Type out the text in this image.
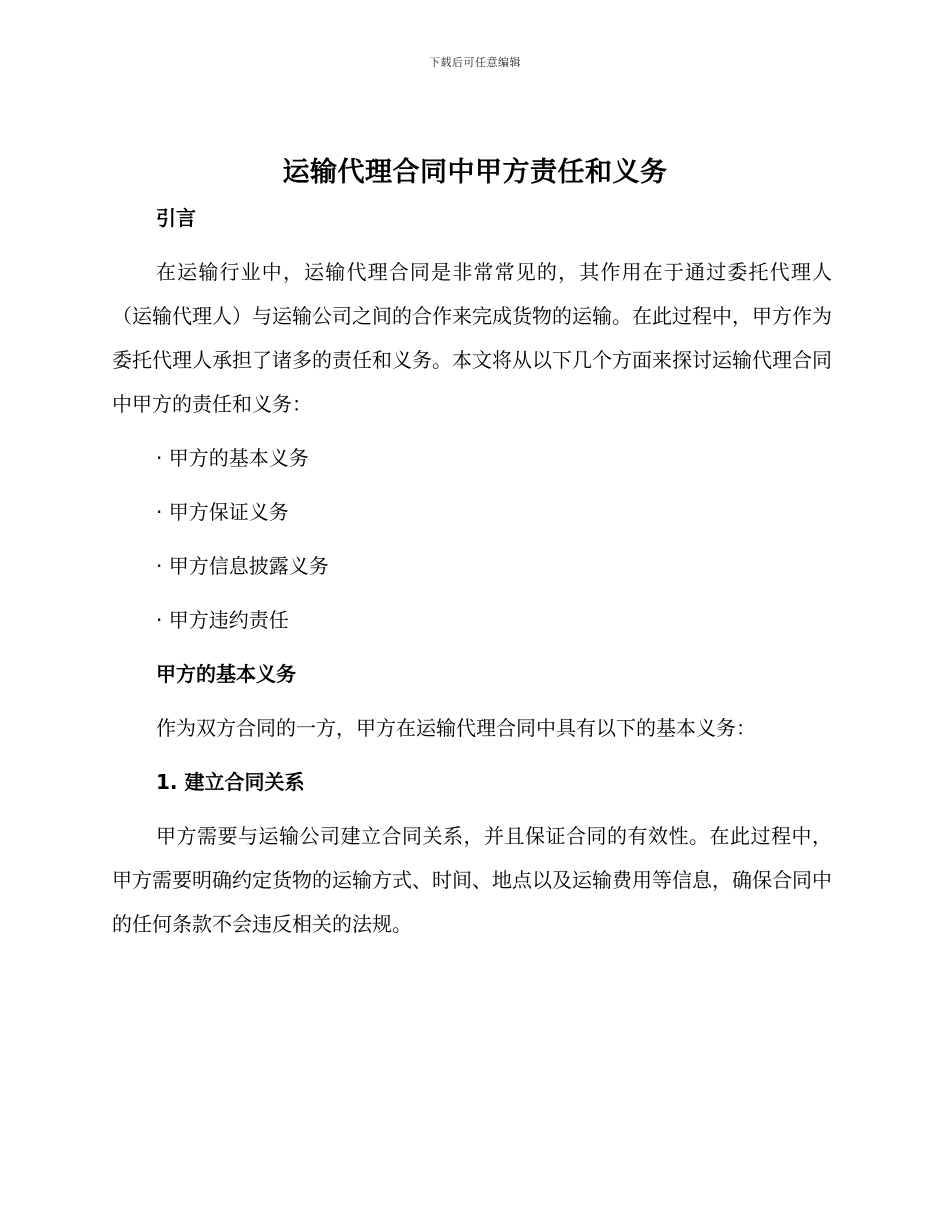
下载后可任意编辑
运输代理合同中甲方责任和义务
引言
在运输行业中，运输代理合同是非常常见的，其作用在于通过委托代理人（运输代理人）与运输公司之间的合作来完成货物的运输。在此过程中，甲方作为委托代理人承担了诸多的责任和义务。本文将从以下几个方面来探讨运输代理合同中甲方的责任和义务：
· 甲方的基本义务
· 甲方保证义务
· 甲方信息披露义务
· 甲方违约责任
甲方的基本义务
作为双方合同的一方，甲方在运输代理合同中具有以下的基本义务：
1. 建立合同关系
甲方需要与运输公司建立合同关系，并且保证合同的有效性。在此过程中，甲方需要明确约定货物的运输方式、时间、地点以及运输费用等信息，确保合同中的任何条款不会违反相关的法规。
